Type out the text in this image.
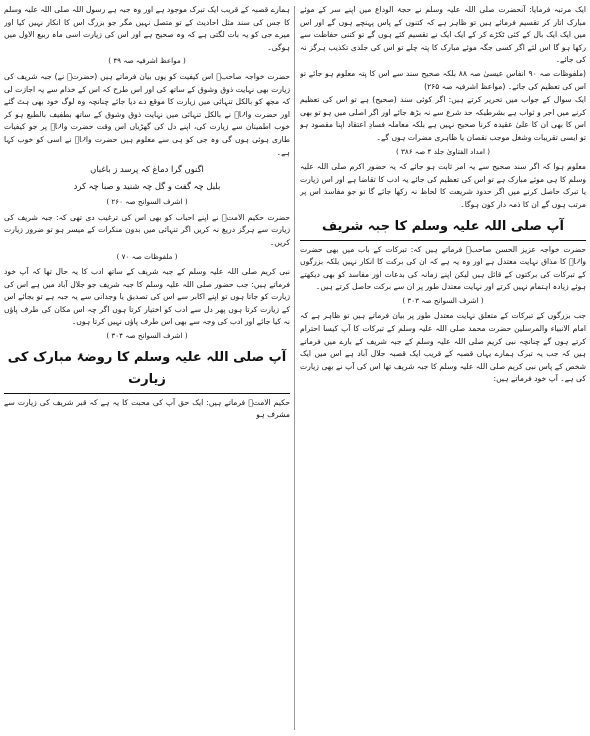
ایک مرتبہ فرمایا: آنحضرت صلی اللہ علیہ وسلم نے حجۃ الوداع میں اپنے سر کے موئے مبارک اتار کر تقسیم فرمائے ہیں تو ظاہر ہے کہ کتنوں کے پاس پہنچے ہوں گے اور اس میں ایک ایک بال کے کئی ٹکڑے کر کے ایک ایک نے تقسیم کئے ہوں گے تو کتنی حفاظت سے رکھا ہو گا اس لئے اگر کسی جگہ موئے مبارک کا پتہ چلے تو اس کی جلدی تکذیب ہرگز نہ کی جائے۔

(ملفوظات صہ ۹۰ انفاس عیسیٰ صہ ۸۸ بلکہ صحیح سند سے اس کا پتہ معلوم ہو جائے تو اس کی تعظیم کی جائے۔ (مواعظ اشرفیہ صہ ۲۶۵)

ایک سوال کے جواب میں تحریر کرتے ہیں: اگر کوئی سند (صحیح) ہے تو اس کی تعظیم کرنے میں اجر و ثواب ہے بشرطیکہ حد شرع سے نہ بڑھ جائے اور اگر اصلی میں ہو تو بھی اس کا بھی ان کا علیٰ عقیدہ کرنا صحیح نہیں ہے بلکہ معاملہ فسادِ اعتقاد اپنا مقصود ہو تو ایسی تقریبات وشغل موجب نقصان یا ظاہری مضرات ہوں گے۔

( امداد الفتاویٰ جلد ۴ صہ ۳۸۶ )

معلوم ہوا کہ اگر سند صحیح سے یہ امر ثابت ہو جائے کہ یہ حضور اکرم صلی اللہ علیہ وسلم کا ہی موئے مبارک ہے تو اس کی تعظیم کی جائے یہ ادب کا تقاضا ہے اور اس زیارت یا تبرک حاصل کرنے میں اگر حدود شریعت کا لحاظ نہ رکھا جائے گا تو جو مفاسد اس پر مرتب ہوں گے ان کا ذمہ دار کون ہوگا۔

آپ صلی اللہ علیہ وسلم کا جبہ شریف

حضرت خواجہ عزیز الحسن صاحبؒ فرماتے ہیں کہ: تبرکات کے باب میں بھی حضرت والاؒ کا مذاق نہایت معتدل ہے اور وہ یہ ہے کہ ان کی برکت کا انکار نہیں بلکہ بزرگوں کے تبرکات کی برکتوں کے قائل ہیں لیکن اپنے زمانہ کی بدعات اور مفاسد کو بھی دیکھتے ہوئے زیادہ اہتمام نہیں کرتے اور نہایت معتدل طور پر ان سے برکت حاصل کرتے ہیں۔

( اشرف السوانح صہ ۳۰۳ )

جب بزرگوں کے تبرکات کے متعلق نہایت معتدل طور پر بیان فرماتے ہیں تو ظاہر ہے کہ امام الانبیاء والمرسلین حضرت محمد صلی اللہ علیہ وسلم کے تبرکات کا آپ کیسا احترام کرتے ہوں گے چنانچہ نبی کریم صلی اللہ علیہ وسلم کے جبہ شریف کے بارے میں فرماتے ہیں کہ جب یہ تبرک ہمارے یہاں قصبہ کے قریب ایک قصبہ جلال آباد ہے اس میں ایک شخص کے پاس نبی کریم صلی اللہ علیہ وسلم کا جبہ شریف تھا اس کی آپ نے بھی زیارت کی ہے۔ آپ خود فرماتے ہیں:

ہمارے قصبہ کے قریب ایک تبرک موجود ہے اور وہ جبہ ہے رسول اللہ صلی اللہ علیہ وسلم کا جس کی سند مثل احادیث کے تو متصل نہیں مگر جو بزرگ اس کا انکار نہیں کیا اور میرے جی کو یہ بات لگتی ہے کہ وہ صحیح ہے اور اس کی زیارت اسی ماہ ربیع الاول میں ہوگی۔

( مواعظ اشرفیہ صہ ۴۹ )

حضرت خواجہ صاحبؒ اس کیفیت کو یوں بیان فرماتے ہیں (حضرتؒ نے) جبہ شریف کی زیارت بھی نہایت ذوق وشوق کے ساتھ کی اور اس طرح کہ اس کے خدام سے یہ اجازت لی کہ مجھ کو بالکل تنہائی میں زیارت کا موقع دے دیا جائے چنانچہ وہ لوگ خود بھی ہٹ گئے اور حضرت والاؒ نے بالکل تنہائی میں نہایت ذوق وشوق کے ساتھ بطفیف بالطبع ہو کر خوب اطمینان سے زیارت کی، اپنے دل کی گھڑیاں اس وقت حضرت والاؒ پر جو کیفیات طاری ہوئی ہوں گی وہ جی کو ہی سے معلوم ہیں حضرت والاؒ نے اسی کو خوب کہا ہے۔

اگنوں گرا دماغ کہ پرسد ز باغباں
بلبل چہ گفت و گل چہ شنید و صبا چہ کرد

( اشرف السوانح صہ ۲۶۰ )

حضرت حکیم الامتؒ نے اپنے احباب کو بھی اس کی ترغیب دی تھی کہ: جبہ شریف کی زیارت سے ہرگز دریغ نہ کریں اگر تنہائی میں بدون منکرات کے میسر ہو تو ضرور زیارت کریں۔

( ملفوظات صہ ۷۰ )

نبی کریم صلی اللہ علیہ وسلم کے جبہ شریف کے ساتھ ادب کا یہ حال تھا کہ آپ خود فرماتے ہیں: جب حضور صلی اللہ علیہ وسلم کا جبہ شریف جو جلال آباد میں ہے اس کی زیارت کو جاتا ہوں تو اپنے اکابر سے اس کی تصدیق یا وجدانی سے یہ جبہ ہے تو بجائے اس کے زیارت کرتا ہوں پھر دل سے ادب کو اختیار کرتا ہوں اگر چہ اس مکان کی طرف پاؤں نہ کیا جائے اور ادب کی وجہ سے بھی اس طرف پاؤں نہیں کرتا ہوں۔

( اشرف السوانح صہ ۳۰۴ )

آپ صلی اللہ علیہ وسلم کا روضۂ مبارک کی زیارت

حکیم الامتؒ فرماتے ہیں: ایک حق آپ کی محبت کا یہ ہے کہ قبر شریف کی زیارت سے مشرف ہو
